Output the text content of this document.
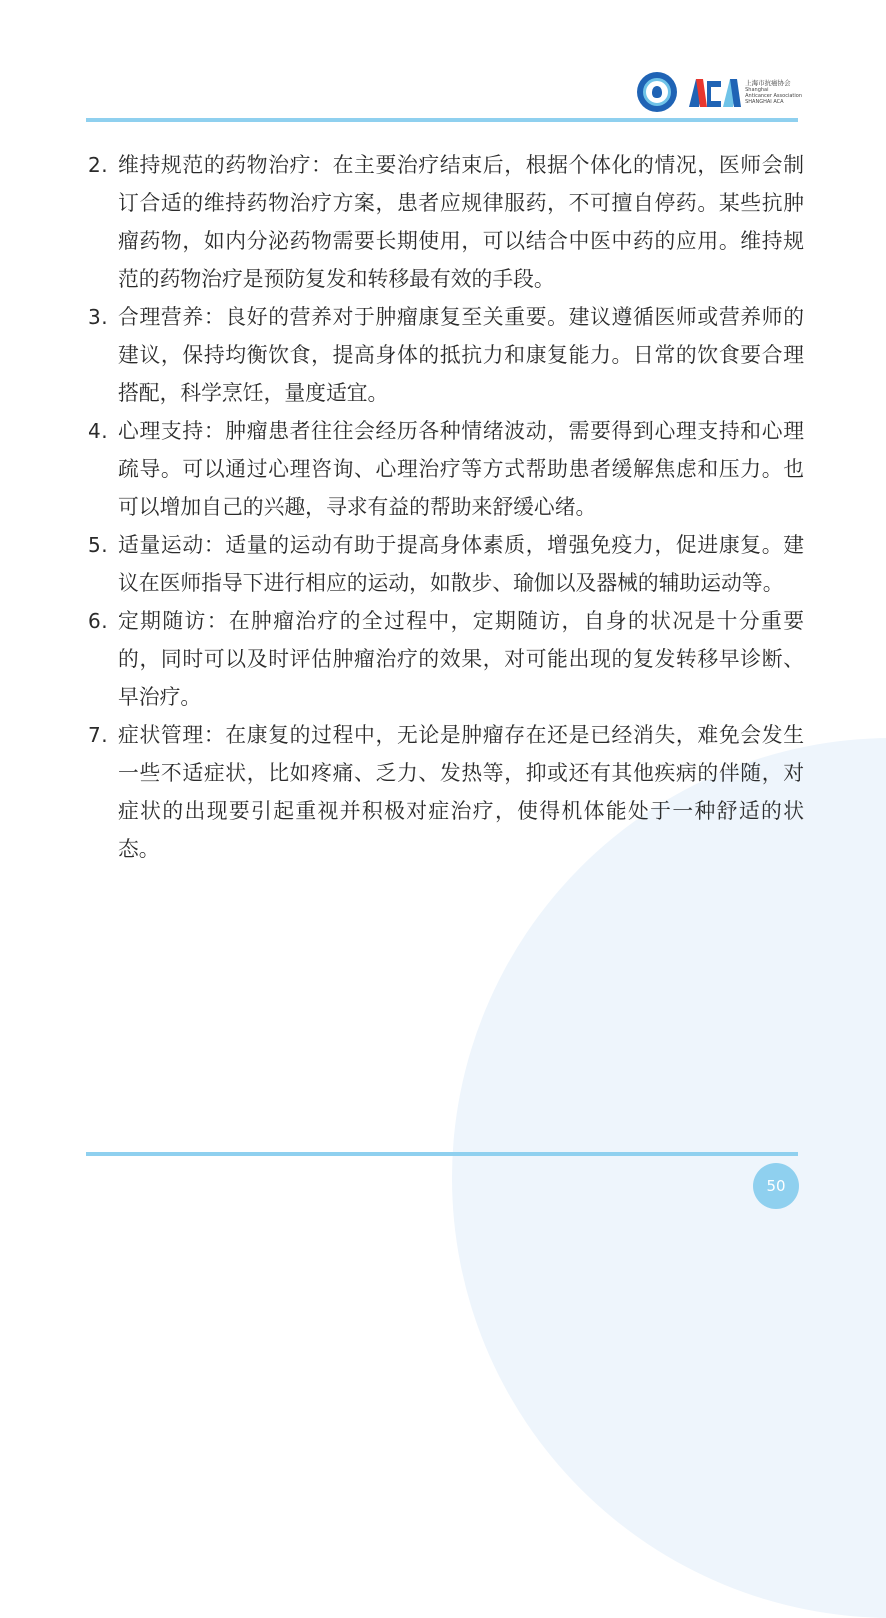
上海市抗癌协会
Shanghai
Anticancer Association
SHANGHAI ACA
2. 维持规范的药物治疗：在主要治疗结束后，根据个体化的情况，医师会制订合适的维持药物治疗方案，患者应规律服药，不可擅自停药。某些抗肿瘤药物，如内分泌药物需要长期使用，可以结合中医中药的应用。维持规范的药物治疗是预防复发和转移最有效的手段。
3. 合理营养：良好的营养对于肿瘤康复至关重要。建议遵循医师或营养师的建议，保持均衡饮食，提高身体的抵抗力和康复能力。日常的饮食要合理搭配，科学烹饪，量度适宜。
4. 心理支持：肿瘤患者往往会经历各种情绪波动，需要得到心理支持和心理疏导。可以通过心理咨询、心理治疗等方式帮助患者缓解焦虑和压力。也可以增加自己的兴趣，寻求有益的帮助来舒缓心绪。
5. 适量运动：适量的运动有助于提高身体素质，增强免疫力，促进康复。建议在医师指导下进行相应的运动，如散步、瑜伽以及器械的辅助运动等。
6. 定期随访：在肿瘤治疗的全过程中，定期随访，自身的状况是十分重要的，同时可以及时评估肿瘤治疗的效果，对可能出现的复发转移早诊断、早治疗。
7. 症状管理：在康复的过程中，无论是肿瘤存在还是已经消失，难免会发生一些不适症状，比如疼痛、乏力、发热等，抑或还有其他疾病的伴随，对症状的出现要引起重视并积极对症治疗，使得机体能处于一种舒适的状态。
50
